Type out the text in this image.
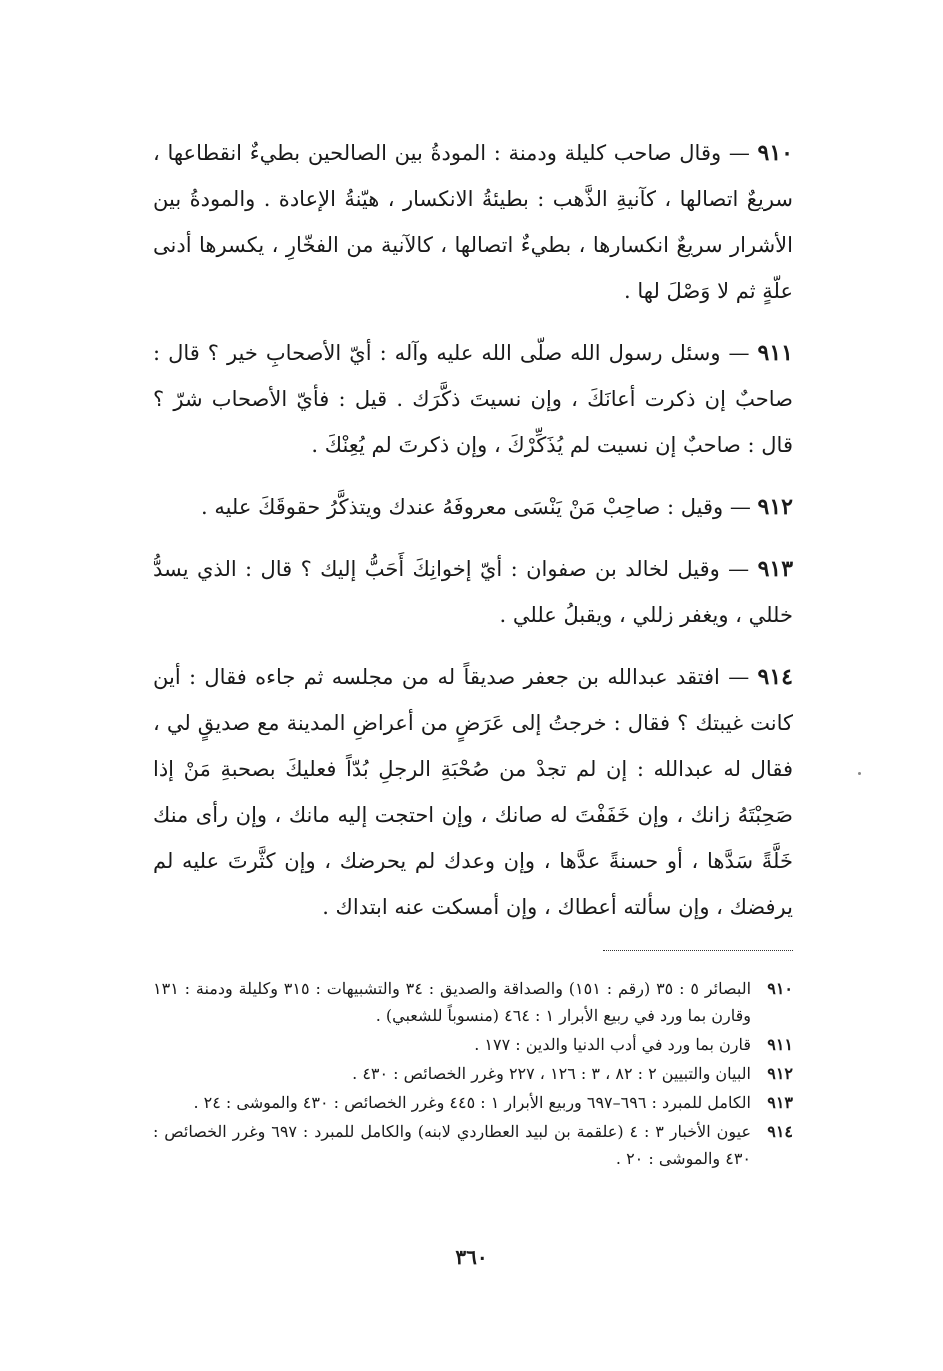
٩١٠ — وقال صاحب كليلة ودمنة : المودةُ بين الصالحين بطيءٌ انقطاعها ، سريعٌ اتصالها ، كآنيةِ الذَّهب : بطيئةُ الانكسار ، هيّنةُ الإعادة . والمودةُ بين الأشرار سريعٌ انكسارها ، بطيءٌ اتصالها ، كالآنية من الفخّارِ ، يكسرها أدنى علّةٍ ثم لا وَصْلَ لها .

٩١١ — وسئل رسول الله صلّى الله عليه وآله : أيّ الأصحابِ خير ؟ قال : صاحبٌ إن ذكرت أعانَكَ ، وإن نسيتَ ذكَّرَك . قيل : فأيّ الأصحاب شرّ ؟ قال : صاحبٌ إن نسيت لم يُذَكِّرْكَ ، وإن ذكرتَ لم يُعِنْكَ .

٩١٢ — وقيل : صاحِبْ مَنْ يَنْسَى معروفَهُ عندك ويتذكَّرُ حقوقَكَ عليه .

٩١٣ — وقيل لخالد بن صفوان : أيّ إخوانِكَ أَحَبُّ إليك ؟ قال : الذي يسدُّ خللي ، ويغفر زللي ، ويقبلُ عللي .

٩١٤ — افتقد عبدالله بن جعفر صديقاً له من مجلسه ثم جاءه فقال : أين كانت غيبتك ؟ فقال : خرجتُ إلى عَرَضٍ من أعراضِ المدينة مع صديقٍ لي ، فقال له عبدالله : إن لم تجدْ من صُحْبَةِ الرجلِ بُدّاً فعليكَ بصحبةِ مَنْ إذا صَحِبْتَهُ زانك ، وإن خَفَفْتَ له صانك ، وإن احتجت إليه مانك ، وإن رأى منك خَلَّةً سَدَّها ، أو حسنةً عدَّها ، وإن وعدك لم يحرضك ، وإن كثَّرتَ عليه لم يرفضك ، وإن سألته أعطاك ، وإن أمسكت عنه ابتداك .

٩١٠
البصائر ٥ : ٣٥ (رقم : ١٥١) والصداقة والصديق : ٣٤ والتشبيهات : ٣١٥ وكليلة ودمنة : ١٣١ وقارن بما ورد في ربيع الأبرار ١ : ٤٦٤ (منسوباً للشعبي) .
٩١١
قارن بما ورد في أدب الدنيا والدين : ١٧٧ .
٩١٢
البيان والتبيين ٢ : ٨٢ ، ٣ : ١٢٦ ، ٢٢٧ وغرر الخصائص : ٤٣٠ .
٩١٣
الكامل للمبرد : ٦٩٦–٦٩٧ وربيع الأبرار ١ : ٤٤٥ وغرر الخصائص : ٤٣٠ والموشى : ٢٤ .
٩١٤
عيون الأخبار ٣ : ٤ (علقمة بن لبيد العطاردي لابنه) والكامل للمبرد : ٦٩٧ وغرر الخصائص : ٤٣٠ والموشى : ٢٠ .
٣٦٠
